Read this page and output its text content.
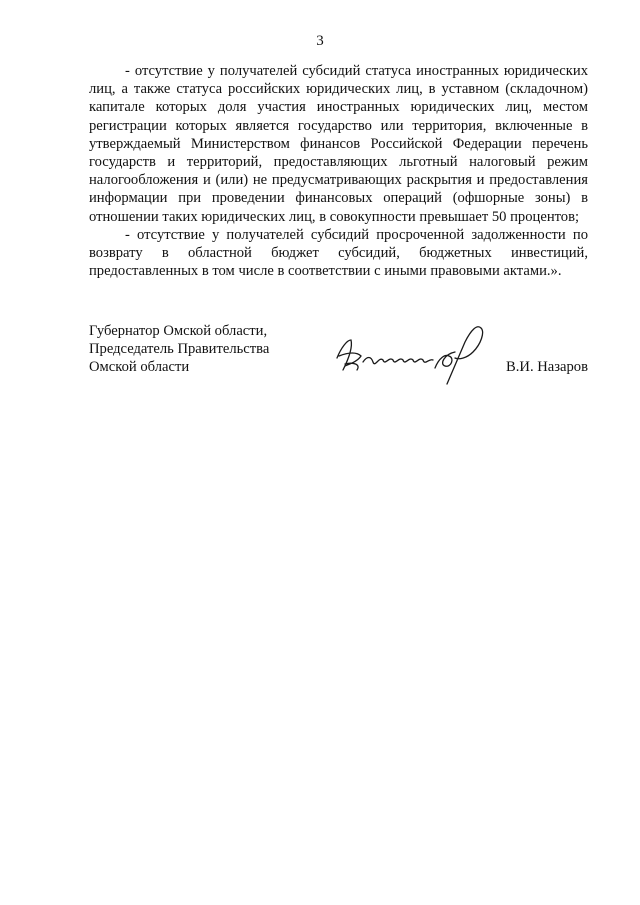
3

- отсутствие у получателей субсидий статуса иностранных юридических лиц, а также статуса российских юридических лиц, в уставном (складочном) капитале которых доля участия иностранных юридических лиц, местом регистрации которых является государство или территория, включенные в утверждаемый Министерством финансов Российской Федерации перечень государств и территорий, предоставляющих льготный налоговый режим налогообложения и (или) не предусматривающих раскрытия и предоставления информации при проведении финансовых операций (офшорные зоны) в отношении таких юридических лиц, в совокупности превышает 50 процентов;

- отсутствие у получателей субсидий просроченной задолженности по возврату в областной бюджет субсидий, бюджетных инвестиций, предоставленных в том числе в соответствии с иными правовыми актами.».

Губернатор Омской области,
Председатель Правительства
Омской области	В.И. Назаров
